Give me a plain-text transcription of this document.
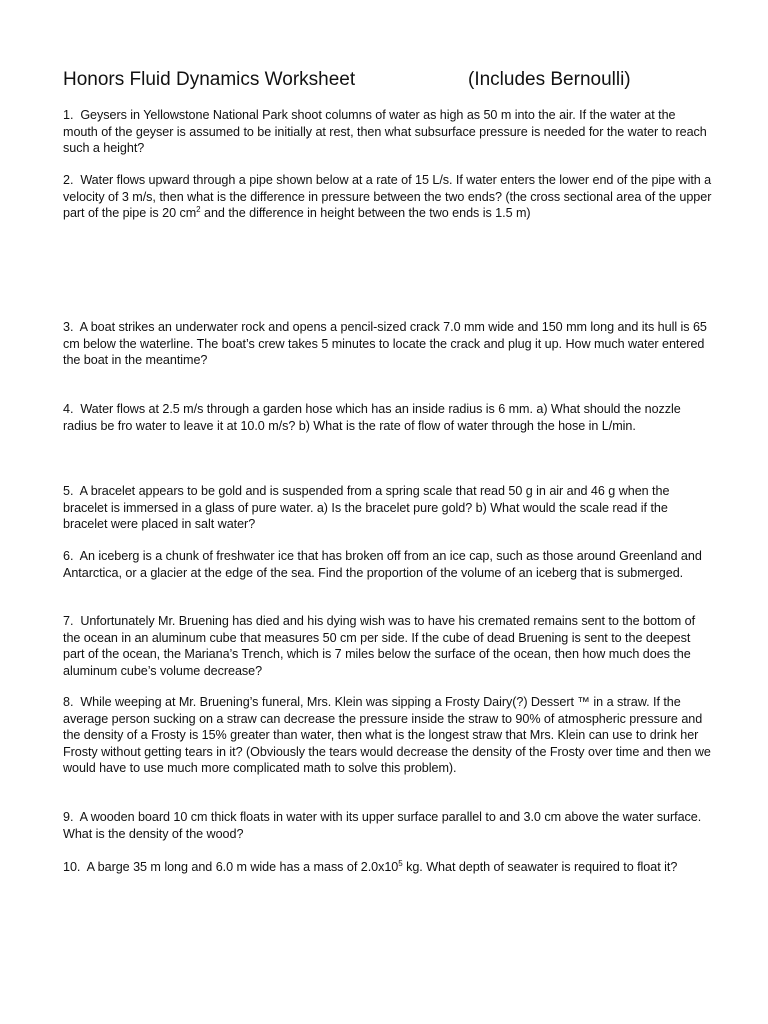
Honors Fluid Dynamics Worksheet	(Includes Bernoulli)

1. Geysers in Yellowstone National Park shoot columns of water as high as 50 m into the air. If the water at the mouth of the geyser is assumed to be initially at rest, then what subsurface pressure is needed for the water to reach such a height?

2. Water flows upward through a pipe shown below at a rate of 15 L/s. If water enters the lower end of the pipe with a velocity of 3 m/s, then what is the difference in pressure between the two ends? (the cross sectional area of the upper part of the pipe is 20 $cm^2$ and the difference in height between the two ends is 1.5 m)

3. A boat strikes an underwater rock and opens a pencil-sized crack 7.0 mm wide and 150 mm long and its hull is 65 cm below the waterline. The boat’s crew takes 5 minutes to locate the crack and plug it up. How much water entered the boat in the meantime?

4. Water flows at 2.5 m/s through a garden hose which has an inside radius is 6 mm. a) What should the nozzle radius be fro water to leave it at 10.0 m/s? b) What is the rate of flow of water through the hose in L/min.

5. A bracelet appears to be gold and is suspended from a spring scale that read 50 g in air and 46 g when the bracelet is immersed in a glass of pure water. a) Is the bracelet pure gold? b) What would the scale read if the bracelet were placed in salt water?

6. An iceberg is a chunk of freshwater ice that has broken off from an ice cap, such as those around Greenland and Antarctica, or a glacier at the edge of the sea. Find the proportion of the volume of an iceberg that is submerged.

7. Unfortunately Mr. Bruening has died and his dying wish was to have his cremated remains sent to the bottom of the ocean in an aluminum cube that measures 50 cm per side. If the cube of dead Bruening is sent to the deepest part of the ocean, the Mariana’s Trench, which is 7 miles below the surface of the ocean, then how much does the aluminum cube’s volume decrease?

8. While weeping at Mr. Bruening’s funeral, Mrs. Klein was sipping a Frosty Dairy(?) Dessert ™ in a straw. If the average person sucking on a straw can decrease the pressure inside the straw to 90% of atmospheric pressure and the density of a Frosty is 15% greater than water, then what is the longest straw that Mrs. Klein can use to drink her Frosty without getting tears in it? (Obviously the tears would decrease the density of the Frosty over time and then we would have to use much more complicated math to solve this problem).

9. A wooden board 10 cm thick floats in water with its upper surface parallel to and 3.0 cm above the water surface. What is the density of the wood?

10. A barge 35 m long and 6.0 m wide has a mass of $2.0x10^5$ kg. What depth of seawater is required to float it?
